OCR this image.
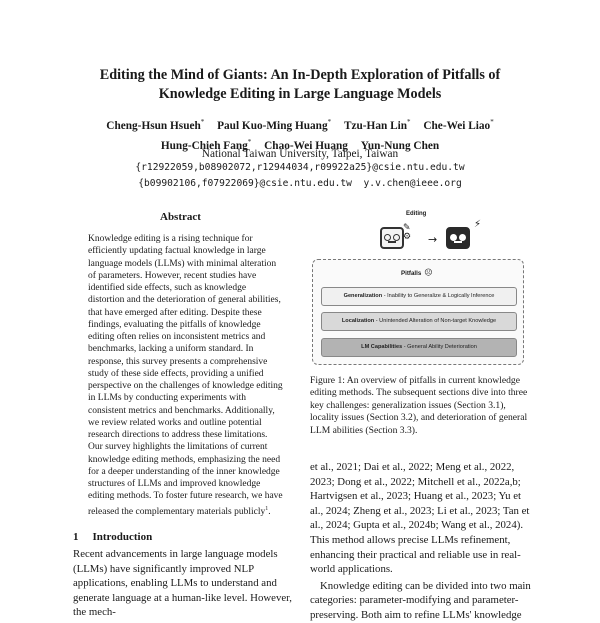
Editing the Mind of Giants: An In-Depth Exploration of Pitfalls of
Knowledge Editing in Large Language Models
Cheng-Hsun Hsueh* Paul Kuo-Ming Huang* Tzu-Han Lin* Che-Wei Liao*
Hung-Chieh Fang* Chao-Wei Huang Yun-Nung Chen
National Taiwan University, Taipei, Taiwan
{r12922059,b08902072,r12944034,r09922a25}@csie.ntu.edu.tw
{b09902106,f07922069}@csie.ntu.edu.tw y.v.chen@ieee.org
Abstract
Knowledge editing is a rising technique for efficiently updating factual knowledge in large language models (LLMs) with minimal alteration of parameters. However, recent studies have identified side effects, such as knowledge distortion and the deterioration of general abilities, that have emerged after editing. Despite these findings, evaluating the pitfalls of knowledge editing often relies on inconsistent metrics and benchmarks, lacking a uniform standard. In response, this survey presents a comprehensive study of these side effects, providing a unified perspective on the challenges of knowledge editing in LLMs by conducting experiments with consistent metrics and benchmarks. Additionally, we review related works and outline potential research directions to address these limitations. Our survey highlights the limitations of current knowledge editing methods, emphasizing the need for a deeper understanding of the inner knowledge structures of LLMs and improved knowledge editing methods. To foster future research, we have released the complementary materials publicly$^1$.
1 Introduction
Recent advancements in large language models (LLMs) have significantly improved NLP applications, enabling LLMs to understand and generate language at a human-like level. However, the mech-
Editing
✎
⚙	→
⚡
Pitfalls ☹
Generalization - Inability to Generalize & Logically Inference
Localization - Unintended Alteration of Non-target Knowledge
LM Capabilities - General Ability Deterioration
Figure 1: An overview of pitfalls in current knowledge editing methods. The subsequent sections dive into three key challenges: generalization issues (Section 3.1), locality issues (Section 3.2), and deterioration of general LLM abilities (Section 3.3).

et al., 2021; Dai et al., 2022; Meng et al., 2022, 2023; Dong et al., 2022; Mitchell et al., 2022a,b; Hartvigsen et al., 2023; Huang et al., 2023; Yu et al., 2024; Zheng et al., 2023; Li et al., 2023; Tan et al., 2024; Gupta et al., 2024b; Wang et al., 2024). This method allows precise LLMs refinement, enhancing their practical and reliable use in real-world applications.

Knowledge editing can be divided into two main categories: parameter-modifying and parameter-preserving. Both aim to refine LLMs' knowledge
